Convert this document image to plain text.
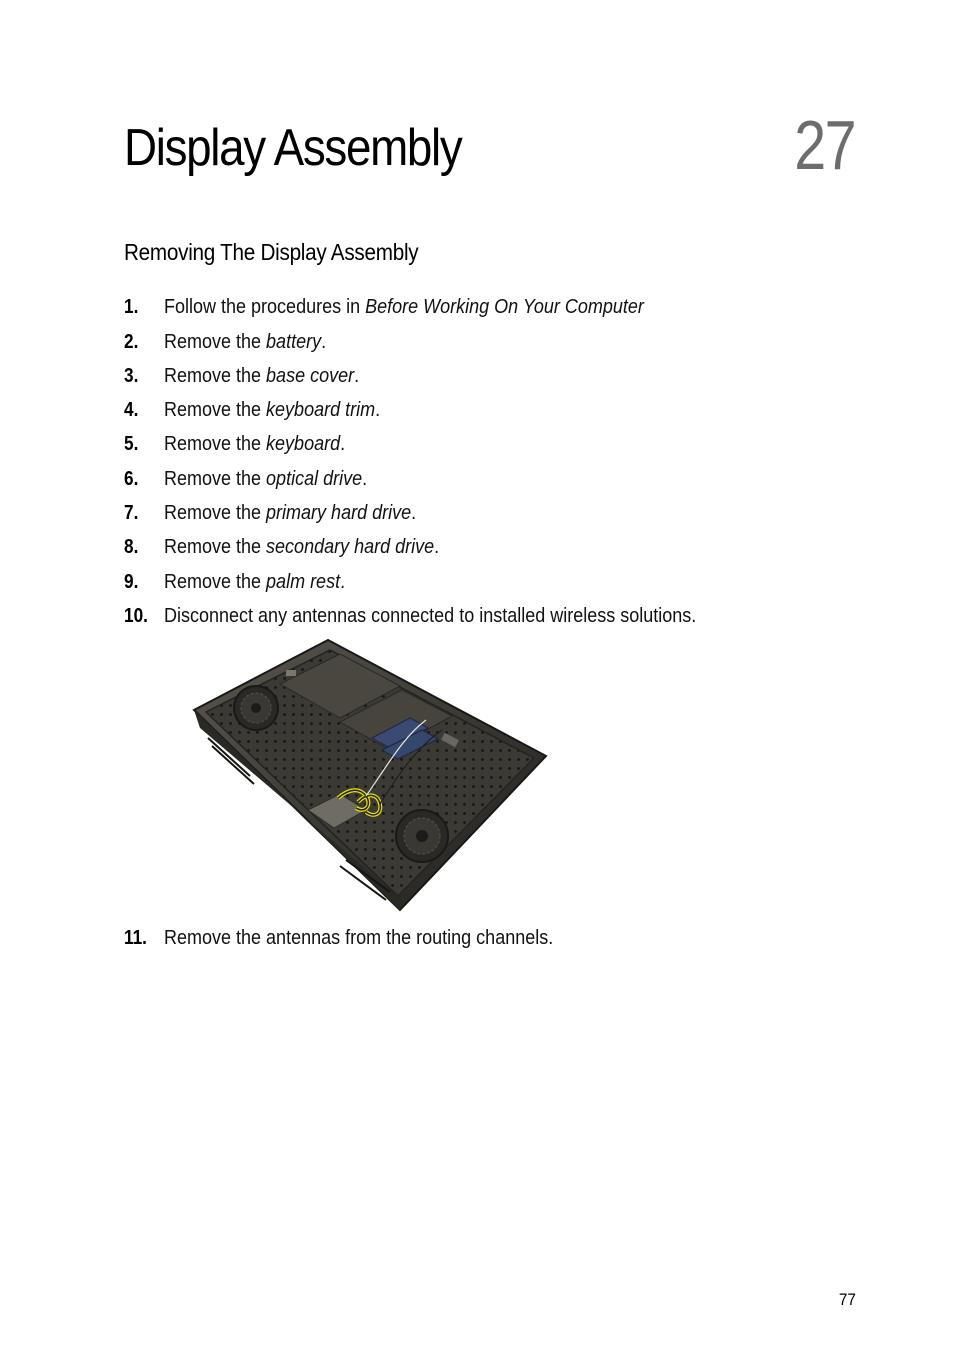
Display Assembly	27
Removing The Display Assembly
1. Follow the procedures in Before Working On Your Computer
2. Remove the battery.
3. Remove the base cover.
4. Remove the keyboard trim.
5. Remove the keyboard.
6. Remove the optical drive.
7. Remove the primary hard drive.
8. Remove the secondary hard drive.
9. Remove the palm rest.
10. Disconnect any antennas connected to installed wireless solutions.
11. Remove the antennas from the routing channels.
77
